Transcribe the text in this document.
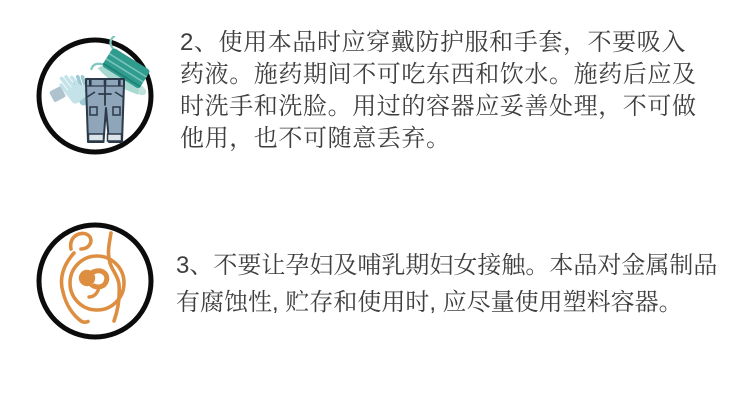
2、使用本品时应穿戴防护服和手套，不要吸入
药液。施药期间不可吃东西和饮水。施药后应及
时洗手和洗脸。用过的容器应妥善处理，不可做
他用，也不可随意丢弃。
3、不要让孕妇及哺乳期妇女接触。本品对金属制品
有腐蚀性, 贮存和使用时, 应尽量使用塑料容器。
